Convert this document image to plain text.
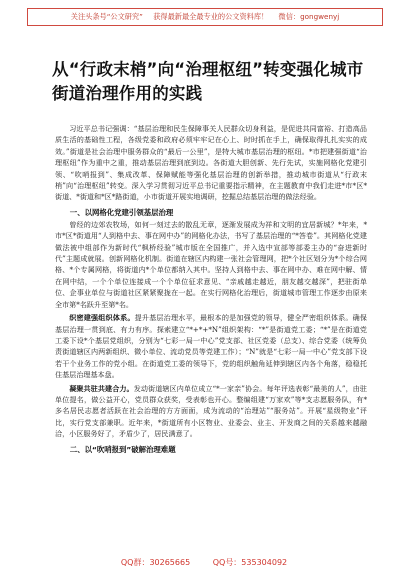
关注头条号“公文研究” 获得最新最全最专业的公文资料库！ 微信：gongwenyj
从“行政末梢”向“治理枢纽”转变强化城市街道治理作用的实践

习近平总书记强调：“基层治理和民生保障事关人民群众切身利益，是促进共同富裕、打造高品质生活的基础性工程，各级党委和政府必须牢牢记在心上、时时抓在手上，确保取得扎扎实实的成效。”街道是社会治理中服务群众的“最后一公里”，是特大城市基层治理的枢纽。*市把建强街道“治理枢纽”作为重中之重，推动基层治理到底到边。各街道大胆创新、先行先试，实施网格化党建引领、“吹哨报到”、集成改革、保障赋能等强化基层治理的创新举措，推动城市街道从“行政末梢”向“治理枢纽”转变。深入学习贯彻习近平总书记重要指示精神，在主题教育中我们走进*市*区*街道、*街道和*区*路街道，小市街道开展实地调研，挖掘总结基层治理的做法经验。

一、以网格化党建引领基层治理

曾经的边郊农牧场，如何一刻过去的散乱无章，逐渐发展成为祥和文明的宜居新城？*年来，*市*区*街道用“人到格中去、事在网中办”的网格化办法，书写了基层治理的“*答卷”。其网格化党建做法被中组部作为新时代“枫桥经验”城市版在全国推广，并入选中宣部等部委主办的“奋进新时代”主题成就展。创新网格化机制。街道在辖区内构建一张社会管理网，把*个社区划分为*个综合网格、*个专属网格，将街道内*个单位都纳入其中。坚持人到格中去、事在网中办、难在网中解、情在网中结，一个个单位连接成一个个单位征求意见、“亲戚越走越近，朋友越交越深”，把驻街单位、企事业单位与街道社区紧紧聚拢在一起。在实行网格化治理后，街道城市管理工作逐步由原来全市第*名跃升至第*名。

织密建强组织体系。提升基层治理水平，最根本的是加强党的领导，健全严密组织体系。确保基层治理一贯到底、有力有序。探索建立“*+*+*N”组织架构：“*”是街道党工委；“*”是在街道党工委下设*个基层党组织，分别为“七彩一局一中心”党支部、社区党委（总支）、综合党委（统筹负责街道辖区内两新组织、微小单位、流动党员等党建工作）；“N”就是“七彩一局一中心”党支部下设若干个业务工作的党小组。在街道党工委的领导下，党的组织触角延伸到辖区内各个角落，稳稳托住基层治理基本盘。

凝聚共驻共建合力。发动街道辖区内单位成立“*一家亲”协会。每年评选表彰“最美的人”，由驻单位提名，做公益开心，党员群众获奖，受表彰也开心。整编组建“万家欢”等*支志愿服务队，有*多名居民志愿者活跃在社会治理的方方面面，成为流动的“治理站”“服务站”。开展“星级物业”评比，实行党支部兼职。近年来，*街道所有小区物业、业委会、业主、开发商之间的关系越来越融洽，小区服务好了，矛盾少了，居民满意了。

二、以“吹哨报到”破解治理难题
QQ群：30265665	QQ号：535304092
